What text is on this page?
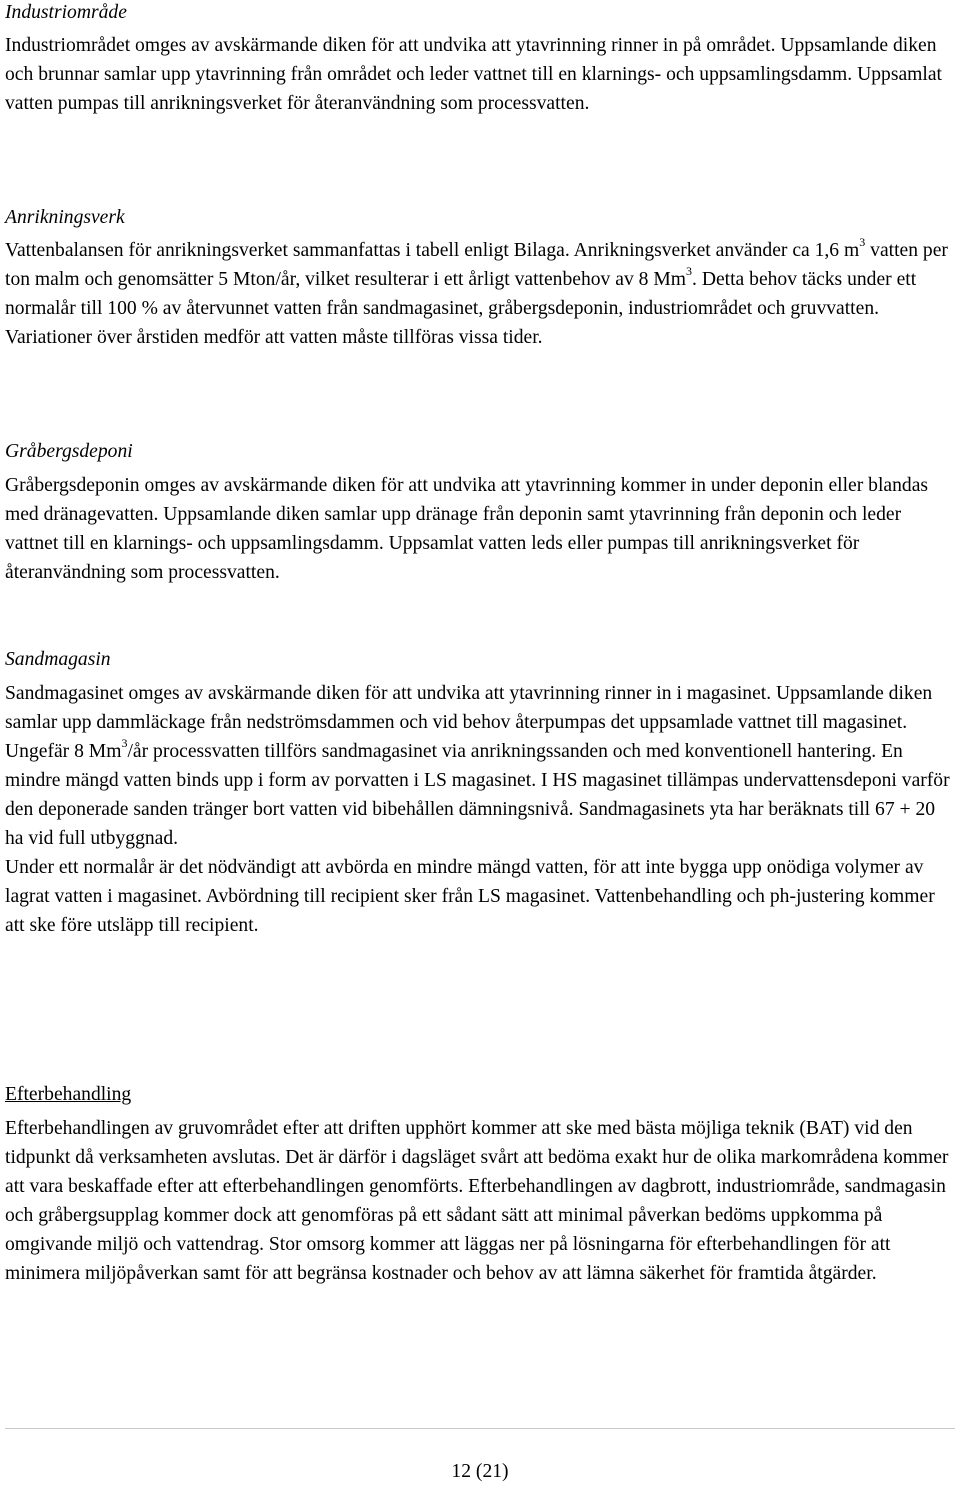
Industriområde

Industriområdet omges av avskärmande diken för att undvika att ytavrinning rinner in på området. Uppsamlande diken och brunnar samlar upp ytavrinning från området och leder vattnet till en klarnings- och uppsamlingsdamm. Uppsamlat vatten pumpas till anrikningsverket för återanvändning som processvatten.

Anrikningsverk

Vattenbalansen för anrikningsverket sammanfattas i tabell enligt Bilaga. Anrikningsverket använder ca 1,6 $m^3$ vatten per ton malm och genomsätter 5 Mton/år, vilket resulterar i ett årligt vattenbehov av 8 Mm$^3$. Detta behov täcks under ett normalår till 100 % av återvunnet vatten från sandmagasinet, gråbergsdeponin, industriområdet och gruvvatten. Variationer över årstiden medför att vatten måste tillföras vissa tider.

Gråbergsdeponi

Gråbergsdeponin omges av avskärmande diken för att undvika att ytavrinning kommer in under deponin eller blandas med dränagevatten. Uppsamlande diken samlar upp dränage från deponin samt ytavrinning från deponin och leder vattnet till en klarnings- och uppsamlingsdamm. Uppsamlat vatten leds eller pumpas till anrikningsverket för återanvändning som processvatten.

Sandmagasin

Sandmagasinet omges av avskärmande diken för att undvika att ytavrinning rinner in i magasinet. Uppsamlande diken samlar upp dammläckage från nedströmsdammen och vid behov återpumpas det uppsamlade vattnet till magasinet.

Ungefär 8 Mm$^3$/år processvatten tillförs sandmagasinet via anrikningssanden och med konventionell hantering. En mindre mängd vatten binds upp i form av porvatten i LS magasinet. I HS magasinet tillämpas undervattensdeponi varför den deponerade sanden tränger bort vatten vid bibehållen dämningsnivå. Sandmagasinets yta har beräknats till 67 + 20 ha vid full utbyggnad.

Under ett normalår är det nödvändigt att avbörda en mindre mängd vatten, för att inte bygga upp onödiga volymer av lagrat vatten i magasinet. Avbördning till recipient sker från LS magasinet. Vattenbehandling och ph-justering kommer att ske före utsläpp till recipient.

Efterbehandling

Efterbehandlingen av gruvområdet efter att driften upphört kommer att ske med bästa möjliga teknik (BAT) vid den tidpunkt då verksamheten avslutas. Det är därför i dagsläget svårt att bedöma exakt hur de olika markområdena kommer att vara beskaffade efter att efterbehandlingen genomförts. Efterbehandlingen av dagbrott, industriområde, sandmagasin och gråbergsupplag kommer dock att genomföras på ett sådant sätt att minimal påverkan bedöms uppkomma på omgivande miljö och vattendrag. Stor omsorg kommer att läggas ner på lösningarna för efterbehandlingen för att minimera miljöpåverkan samt för att begränsa kostnader och behov av att lämna säkerhet för framtida åtgärder.

12 (21)
